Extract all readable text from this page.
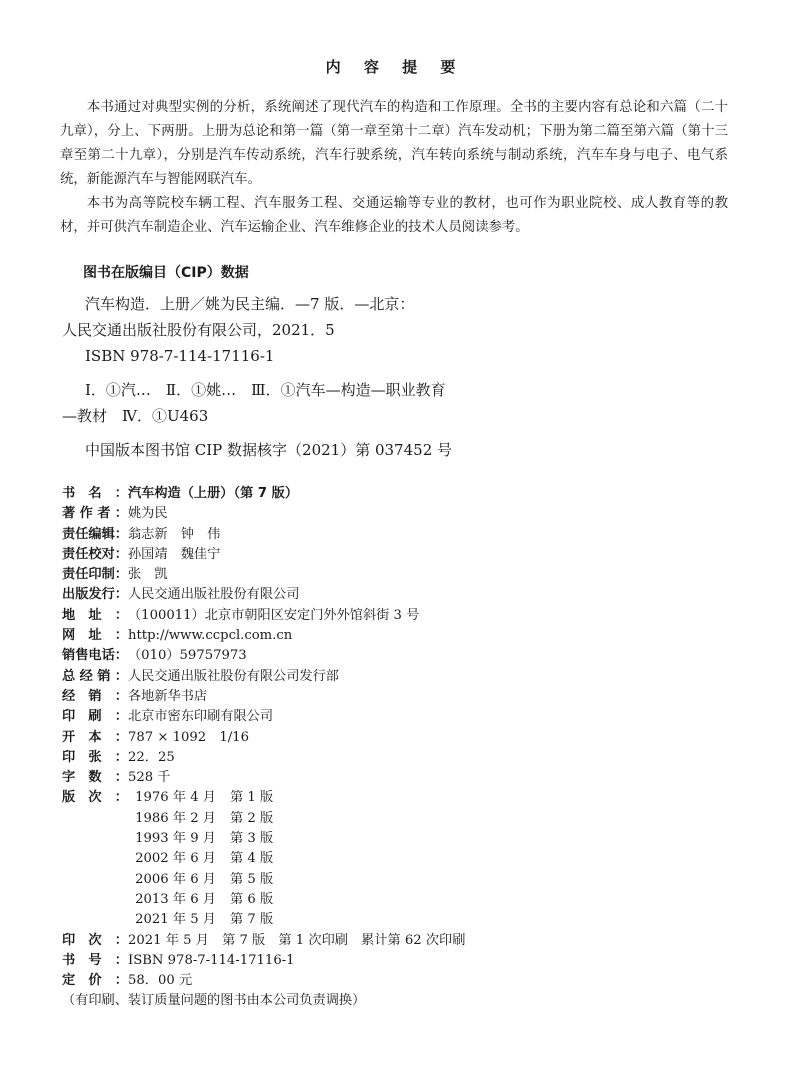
内 容 提 要

本书通过对典型实例的分析，系统阐述了现代汽车的构造和工作原理。全书的主要内容有总论和六篇（二十九章），分上、下两册。上册为总论和第一篇（第一章至第十二章）汽车发动机；下册为第二篇至第六篇（第十三章至第二十九章），分别是汽车传动系统，汽车行驶系统，汽车转向系统与制动系统，汽车车身与电子、电气系统，新能源汽车与智能网联汽车。

本书为高等院校车辆工程、汽车服务工程、交通运输等专业的教材，也可作为职业院校、成人教育等的教材，并可供汽车制造企业、汽车运输企业、汽车维修企业的技术人员阅读参考。

图书在版编目（CIP）数据
汽车构造．上册／姚为民主编．—7 版．—北京：
人民交通出版社股份有限公司，2021．5
ISBN 978-7-114-17116-1
Ⅰ．①汽…　Ⅱ．①姚…　Ⅲ．①汽车—构造—职业教育
—教材　Ⅳ．①U463
中国版本图书馆 CIP 数据核字（2021）第 037452 号
书名： 汽车构造（上册）（第 7 版）
著作者： 姚为民
责任编辑： 翁志新　钟　伟
责任校对： 孙国靖　魏佳宁
责任印制： 张　凯
出版发行： 人民交通出版社股份有限公司
地址： （100011）北京市朝阳区安定门外外馆斜街 3 号
网址： http://www.ccpcl.com.cn
销售电话： （010）59757973
总经销： 人民交通出版社股份有限公司发行部
经销： 各地新华书店
印刷： 北京市密东印刷有限公司
开本： 787 × 1092　1/16
印张： 22．25
字数： 528 千
版次： 1976 年 4 月 第 1 版
1986 年 2 月 第 2 版
1993 年 9 月 第 3 版
2002 年 6 月 第 4 版
2006 年 6 月 第 5 版
2013 年 6 月 第 6 版
2021 年 5 月 第 7 版
印次： 2021 年 5 月　第 7 版　第 1 次印刷　累计第 62 次印刷
书号： ISBN 978-7-114-17116-1
定价： 58．00 元
（有印刷、装订质量问题的图书由本公司负责调换）
